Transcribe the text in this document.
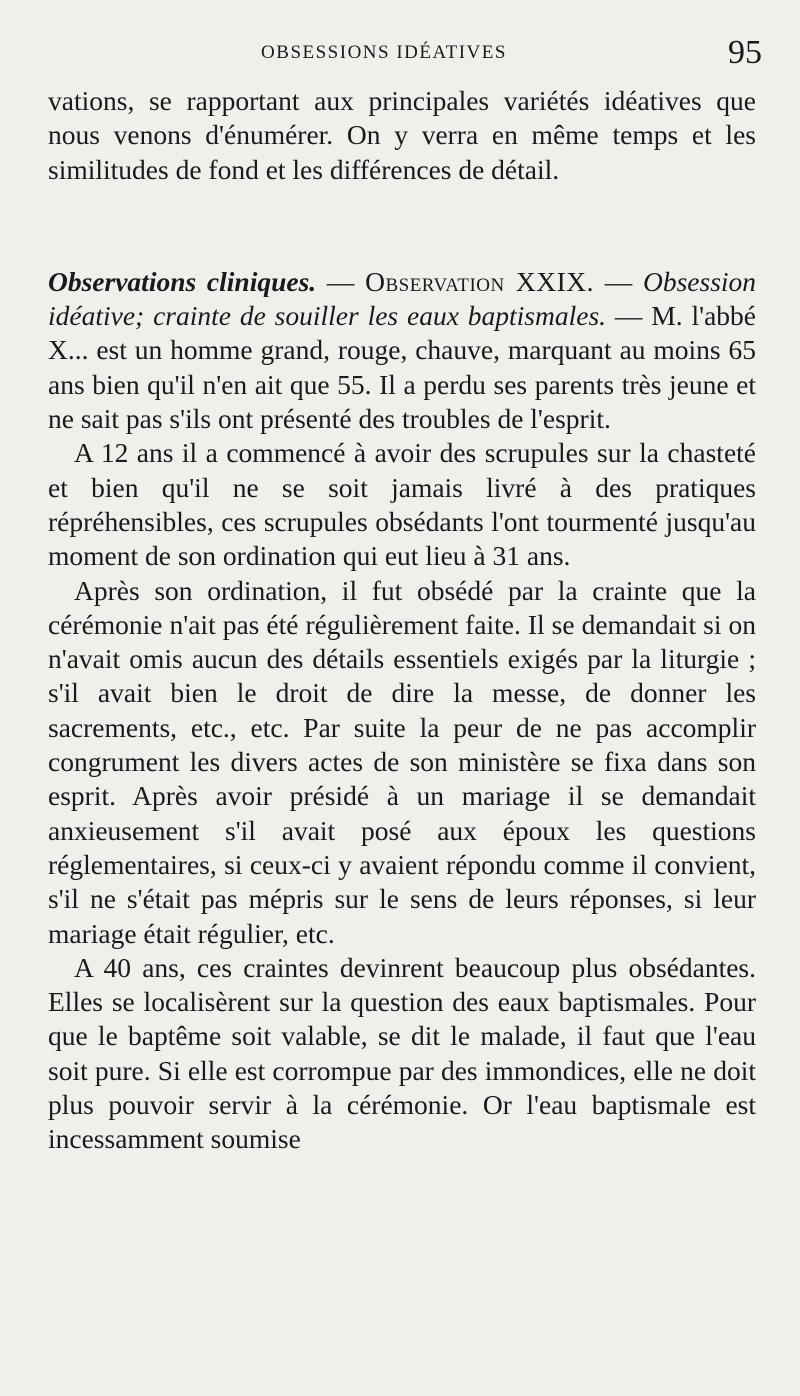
OBSESSIONS IDÉATIVES	95

vations, se rapportant aux principales variétés idéatives que nous venons d'énumérer. On y verra en même temps et les similitudes de fond et les différences de détail.

Observations cliniques. — Observation XXIX. — Obsession idéative; crainte de souiller les eaux baptismales. — M. l'abbé X... est un homme grand, rouge, chauve, marquant au moins 65 ans bien qu'il n'en ait que 55. Il a perdu ses parents très jeune et ne sait pas s'ils ont présenté des troubles de l'esprit.

A 12 ans il a commencé à avoir des scrupules sur la chasteté et bien qu'il ne se soit jamais livré à des pratiques répréhensibles, ces scrupules obsédants l'ont tourmenté jusqu'au moment de son ordination qui eut lieu à 31 ans.

Après son ordination, il fut obsédé par la crainte que la cérémonie n'ait pas été régulièrement faite. Il se demandait si on n'avait omis aucun des détails essentiels exigés par la liturgie ; s'il avait bien le droit de dire la messe, de donner les sacrements, etc., etc. Par suite la peur de ne pas accomplir congrument les divers actes de son ministère se fixa dans son esprit. Après avoir présidé à un mariage il se demandait anxieusement s'il avait posé aux époux les questions réglementaires, si ceux-ci y avaient répondu comme il convient, s'il ne s'était pas mépris sur le sens de leurs réponses, si leur mariage était régulier, etc.

A 40 ans, ces craintes devinrent beaucoup plus obsédantes. Elles se localisèrent sur la question des eaux baptismales. Pour que le baptême soit valable, se dit le malade, il faut que l'eau soit pure. Si elle est corrompue par des immondices, elle ne doit plus pouvoir servir à la cérémonie. Or l'eau baptismale est incessamment soumise
